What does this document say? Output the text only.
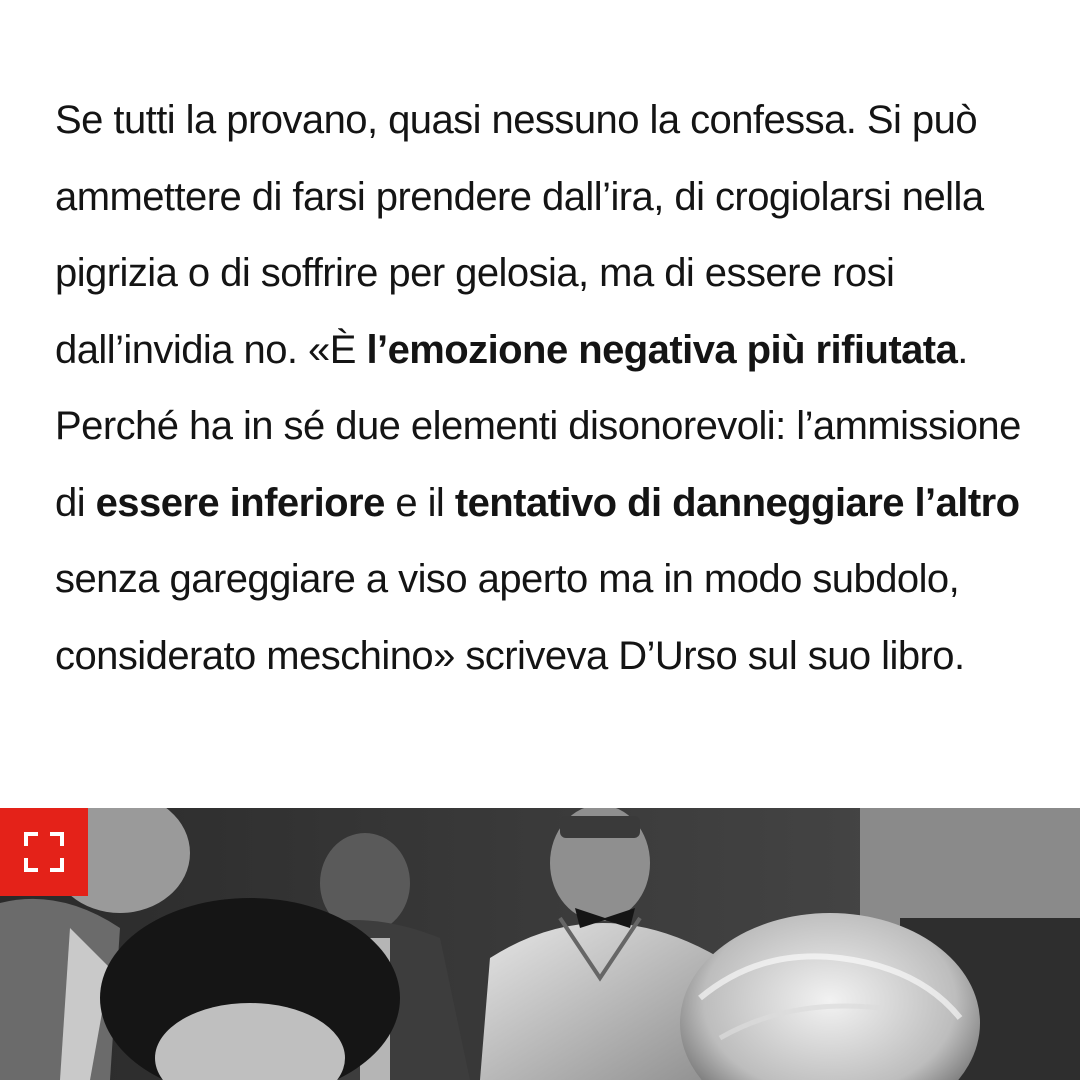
Se tutti la provano, quasi nessuno la confessa. Si può ammettere di farsi prendere dall’ira, di crogiolarsi nella pigrizia o di soffrire per gelosia, ma di essere rosi dall’invidia no. «È l’emozione negativa più rifiutata. Perché ha in sé due elementi disonorevoli: l’ammissione di essere inferiore e il tentativo di danneggiare l’altro senza gareggiare a viso aperto ma in modo subdolo, considerato meschino» scriveva D’Urso sul suo libro.
